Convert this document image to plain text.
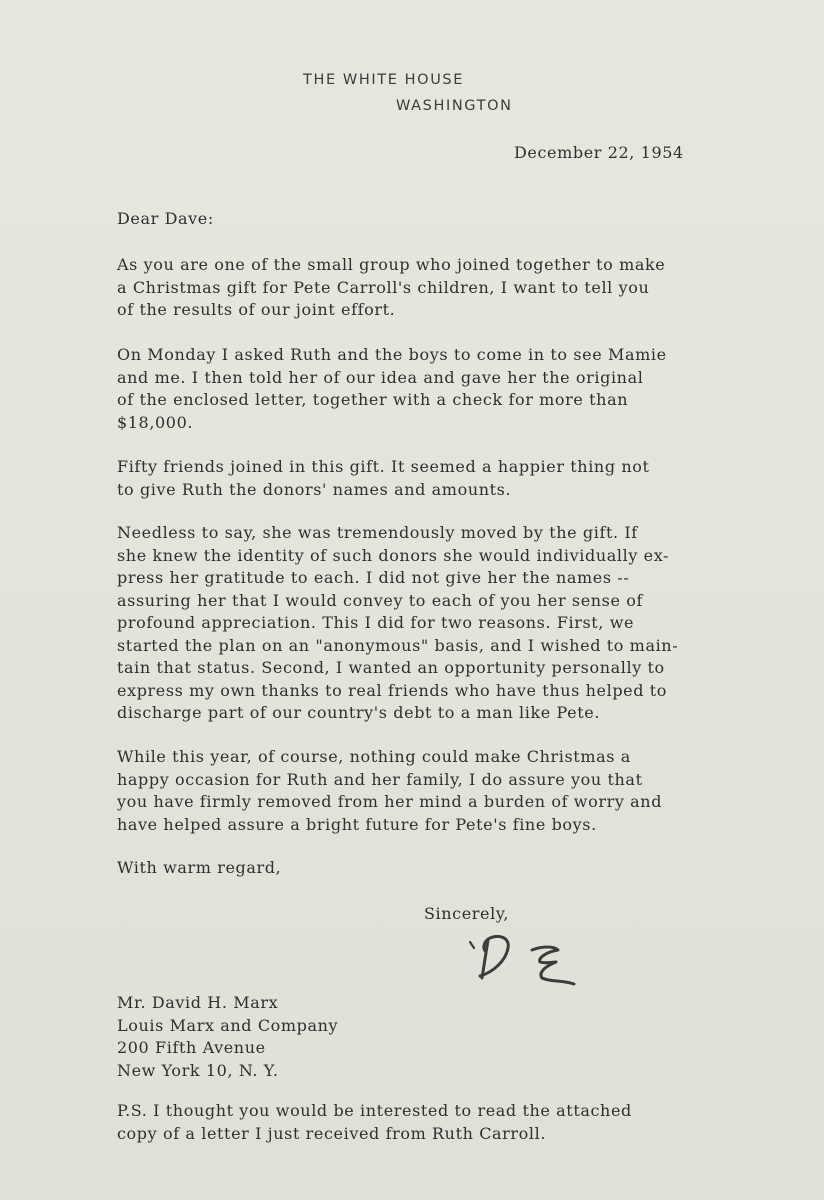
THE WHITE HOUSE
WASHINGTON
December 22, 1954
Dear Dave:
As you are one of the small group who joined together to make
a Christmas gift for Pete Carroll's children, I want to tell you
of the results of our joint effort.
On Monday I asked Ruth and the boys to come in to see Mamie
and me. I then told her of our idea and gave her the original
of the enclosed letter, together with a check for more than
$18,000.
Fifty friends joined in this gift. It seemed a happier thing not
to give Ruth the donors' names and amounts.
Needless to say, she was tremendously moved by the gift. If
she knew the identity of such donors she would individually ex-
press her gratitude to each. I did not give her the names --
assuring her that I would convey to each of you her sense of
profound appreciation. This I did for two reasons. First, we
started the plan on an "anonymous" basis, and I wished to main-
tain that status. Second, I wanted an opportunity personally to
express my own thanks to real friends who have thus helped to
discharge part of our country's debt to a man like Pete.
While this year, of course, nothing could make Christmas a
happy occasion for Ruth and her family, I do assure you that
you have firmly removed from her mind a burden of worry and
have helped assure a bright future for Pete's fine boys.
With warm regard,
Sincerely,
Mr. David H. Marx
Louis Marx and Company
200 Fifth Avenue
New York 10, N. Y.
P.S. I thought you would be interested to read the attached
copy of a letter I just received from Ruth Carroll.
